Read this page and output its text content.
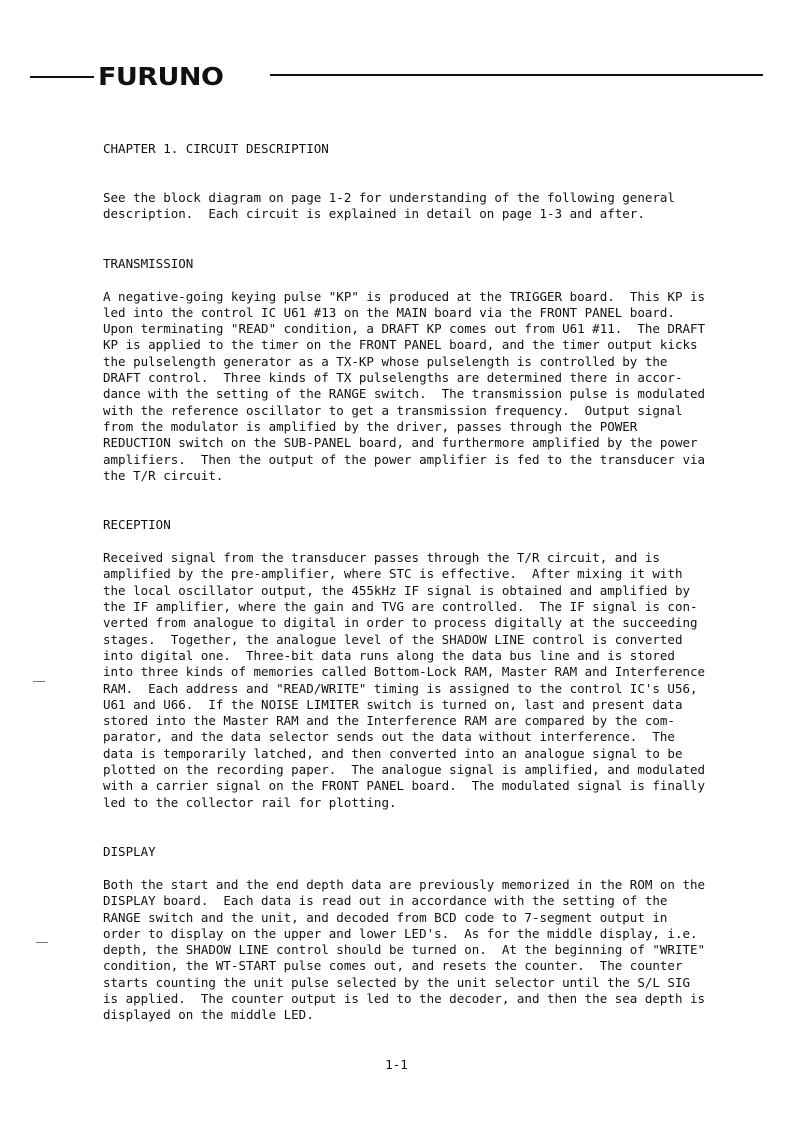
FURUNO
CHAPTER 1. CIRCUIT DESCRIPTION
See the block diagram on page 1-2 for understanding of the following general
description.  Each circuit is explained in detail on page 1-3 and after.
TRANSMISSION
A negative-going keying pulse "KP" is produced at the TRIGGER board.  This KP is
led into the control IC U61 #13 on the MAIN board via the FRONT PANEL board.
Upon terminating "READ" condition, a DRAFT KP comes out from U61 #11.  The DRAFT
KP is applied to the timer on the FRONT PANEL board, and the timer output kicks
the pulselength generator as a TX-KP whose pulselength is controlled by the
DRAFT control.  Three kinds of TX pulselengths are determined there in accor-
dance with the setting of the RANGE switch.  The transmission pulse is modulated
with the reference oscillator to get a transmission frequency.  Output signal
from the modulator is amplified by the driver, passes through the POWER
REDUCTION switch on the SUB-PANEL board, and furthermore amplified by the power
amplifiers.  Then the output of the power amplifier is fed to the transducer via
the T/R circuit.
RECEPTION
Received signal from the transducer passes through the T/R circuit, and is
amplified by the pre-amplifier, where STC is effective.  After mixing it with
the local oscillator output, the 455kHz IF signal is obtained and amplified by
the IF amplifier, where the gain and TVG are controlled.  The IF signal is con-
verted from analogue to digital in order to process digitally at the succeeding
stages.  Together, the analogue level of the SHADOW LINE control is converted
into digital one.  Three-bit data runs along the data bus line and is stored
into three kinds of memories called Bottom-Lock RAM, Master RAM and Interference
RAM.  Each address and "READ/WRITE" timing is assigned to the control IC's U56,
U61 and U66.  If the NOISE LIMITER switch is turned on, last and present data
stored into the Master RAM and the Interference RAM are compared by the com-
parator, and the data selector sends out the data without interference.  The
data is temporarily latched, and then converted into an analogue signal to be
plotted on the recording paper.  The analogue signal is amplified, and modulated
with a carrier signal on the FRONT PANEL board.  The modulated signal is finally
led to the collector rail for plotting.
DISPLAY
Both the start and the end depth data are previously memorized in the ROM on the
DISPLAY board.  Each data is read out in accordance with the setting of the
RANGE switch and the unit, and decoded from BCD code to 7-segment output in
order to display on the upper and lower LED's.  As for the middle display, i.e.
depth, the SHADOW LINE control should be turned on.  At the beginning of "WRITE"
condition, the WT-START pulse comes out, and resets the counter.  The counter
starts counting the unit pulse selected by the unit selector until the S/L SIG
is applied.  The counter output is led to the decoder, and then the sea depth is
displayed on the middle LED.
1-1
